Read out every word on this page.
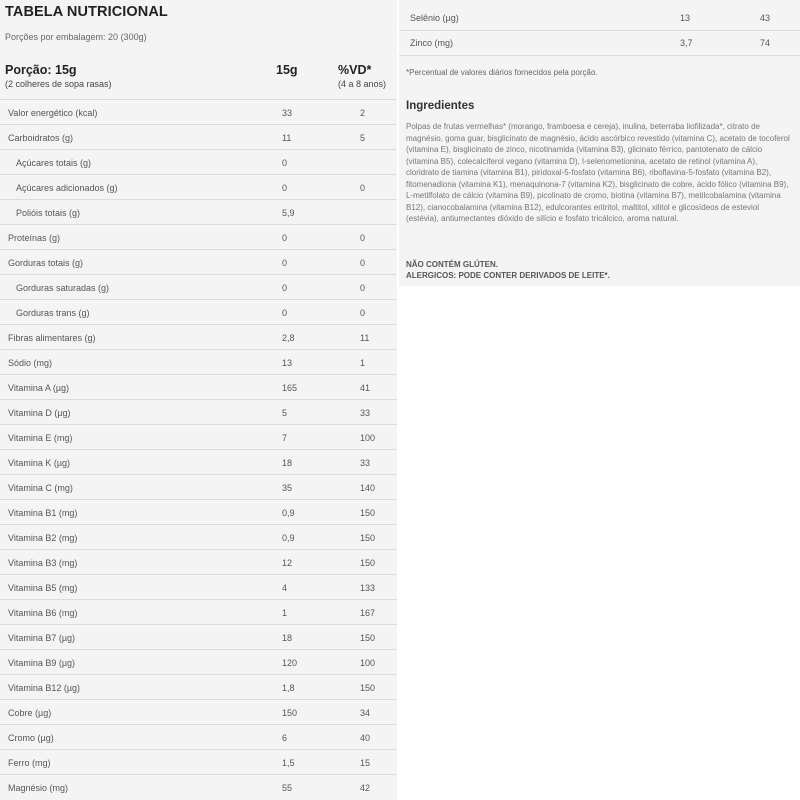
TABELA NUTRICIONAL
Porções por embalagem: 20 (300g)
Porção: 15g
(2 colheres de sopa rasas)
15g	%VD*
(4 a 8 anos)
Valor energético (kcal)	33	2
Carboidratos (g)	11	5
Açúcares totais (g)	0
Açúcares adicionados (g)	0	0
Polióis totais (g)	5,9
Proteínas (g)	0	0
Gorduras totais (g)	0	0
Gorduras saturadas (g)	0	0
Gorduras trans (g)	0	0
Fibras alimentares (g)	2,8	11
Sódio (mg)	13	1
Vitamina A (µg)	165	41
Vitamina D (µg)	5	33
Vitamina E (mg)	7	100
Vitamina K (µg)	18	33
Vitamina C (mg)	35	140
Vitamina B1 (mg)	0,9	150
Vitamina B2 (mg)	0,9	150
Vitamina B3 (mg)	12	150
Vitamina B5 (mg)	4	133
Vitamina B6 (mg)	1	167
Vitamina B7 (µg)	18	150
Vitamina B9 (µg)	120	100
Vitamina B12 (µg)	1,8	150
Cobre (µg)	150	34
Cromo (µg)	6	40
Ferro (mg)	1,5	15
Magnésio (mg)	55	42
Selênio (µg)	13	43
Zinco (mg)	3,7	74
*Percentual de valores diários fornecidos pela porção.
Ingredientes
Polpas de frutas vermelhas* (morango, framboesa e cereja), inulina, beterraba liofilizada*, citrato de magnésio, goma guar, bisglicinato de magnésio, ácido ascórbico revestido (vitamina C), acetato de tocoferol (vitamina E), bisglicinato de zinco, nicotinamida (vitamina B3), glicinato férrico, pantotenato de cálcio (vitamina B5), colecalciferol vegano (vitamina D), l-selenometionina, acetato de retinol (vitamina A), cloridrato de tiamina (vitamina B1), piridoxal-5-fosfato (vitamina B6), riboflavina-5-fosfato (vitamina B2), fitomenadiona (vitamina K1), menaquinona-7 (vitamina K2), bisglicinato de cobre, ácido fólico (vitamina B9), L-metilfolato de cálcio (vitamina B9), picolinato de cromo, biotina (vitamina B7), metilcobalamina (vitamina B12), cianocobalamina (vitamina B12), edulcorantes eritritol, maltitol, xilitol e glicosídeos de esteviol (estévia), antiumectantes dióxido de silício e fosfato tricálcico, aroma natural.
NÃO CONTÉM GLÚTEN.
ALERGICOS: PODE CONTER DERIVADOS DE LEITE*.
